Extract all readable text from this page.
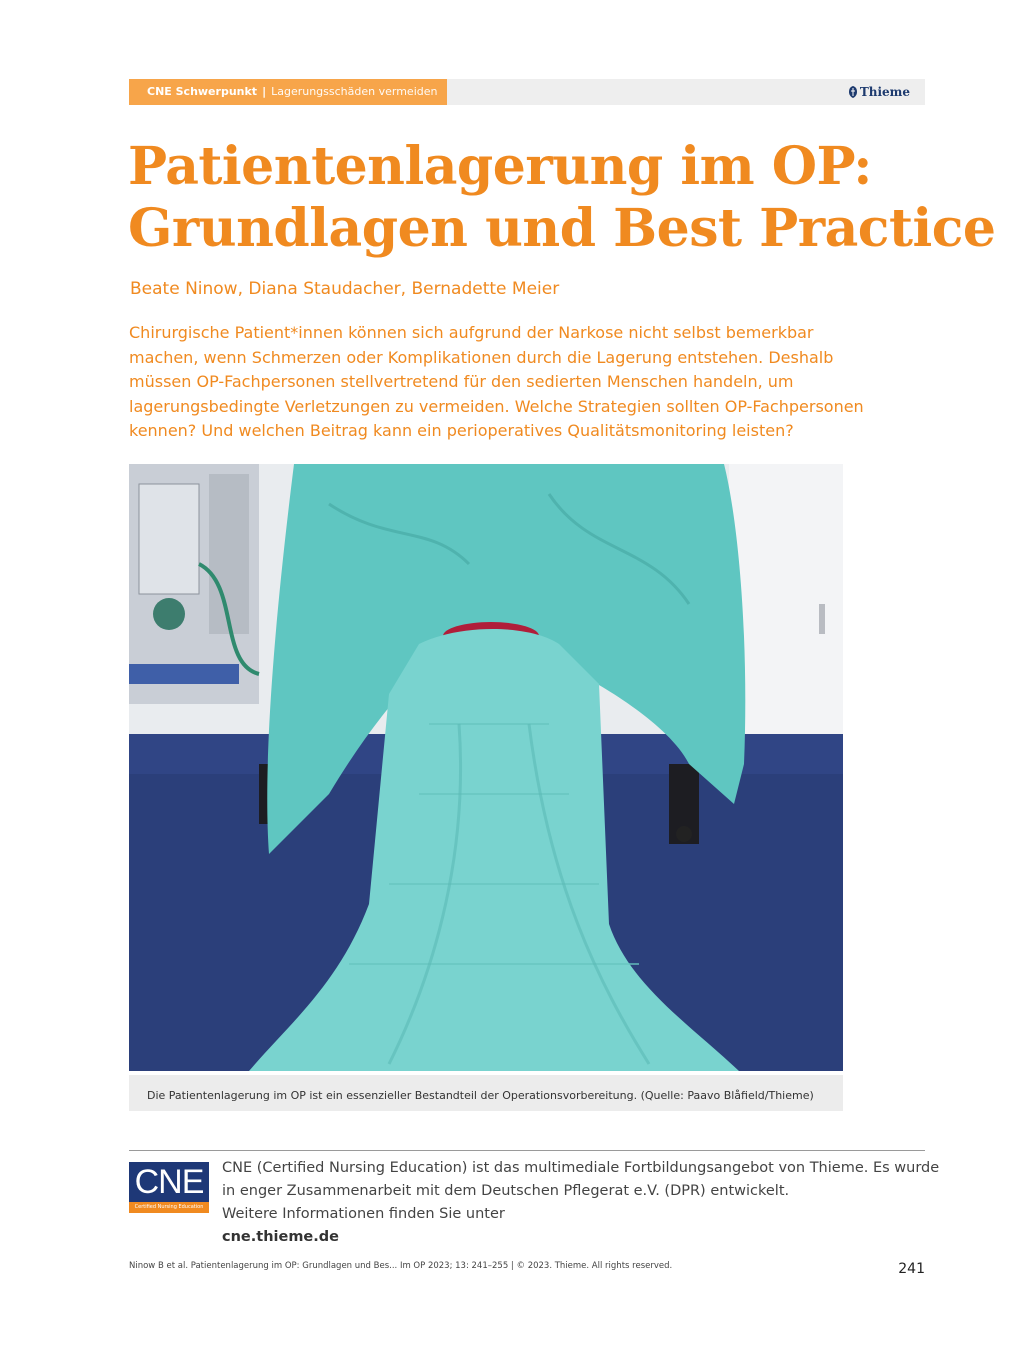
CNE Schwerpunkt | Lagerungsschäden vermeiden	Thieme
Patientenlagerung im OP:
Grundlagen und Best Practice
Beate Ninow, Diana Staudacher, Bernadette Meier
Chirurgische Patient*innen können sich aufgrund der Narkose nicht selbst bemerkbar
machen, wenn Schmerzen oder Komplikationen durch die Lagerung entstehen. Deshalb
müssen OP-Fachpersonen stellvertretend für den sedierten Menschen handeln, um
lagerungsbedingte Verletzungen zu vermeiden. Welche Strategien sollten OP-Fachpersonen
kennen? Und welchen Beitrag kann ein perioperatives Qualitätsmonitoring leisten?
Die Patientenlagerung im OP ist ein essenzieller Bestandteil der Operationsvorbereitung. (Quelle: Paavo Blåfield/Thieme)
CNE
Certified Nursing Education
CNE (Certified Nursing Education) ist das multimediale Fortbildungsangebot von Thieme. Es wurde
in enger Zusammenarbeit mit dem Deutschen Pflegerat e.V. (DPR) entwickelt.
Weitere Informationen finden Sie unter
cne.thieme.de
Ninow B et al. Patientenlagerung im OP: Grundlagen und Bes... Im OP 2023; 13: 241–255 | © 2023. Thieme. All rights reserved.	241
